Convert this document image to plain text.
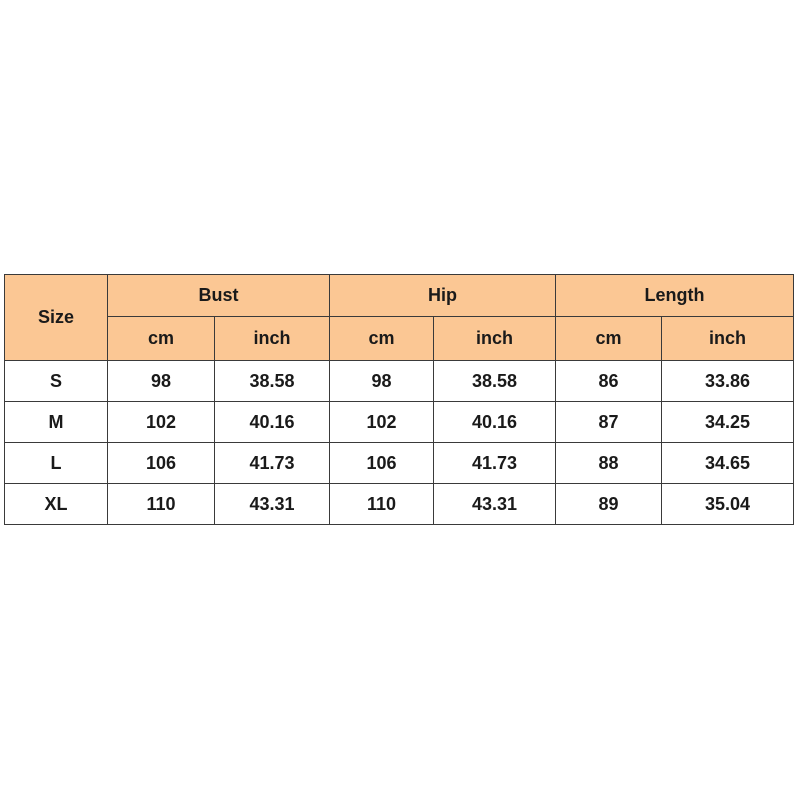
Size	Bust		Hip		Length	
	cm	inch	cm	inch	cm	inch
S	98	38.58	98	38.58	86	33.86
M	102	40.16	102	40.16	87	34.25
L	106	41.73	106	41.73	88	34.65
XL	110	43.31	110	43.31	89	35.04
